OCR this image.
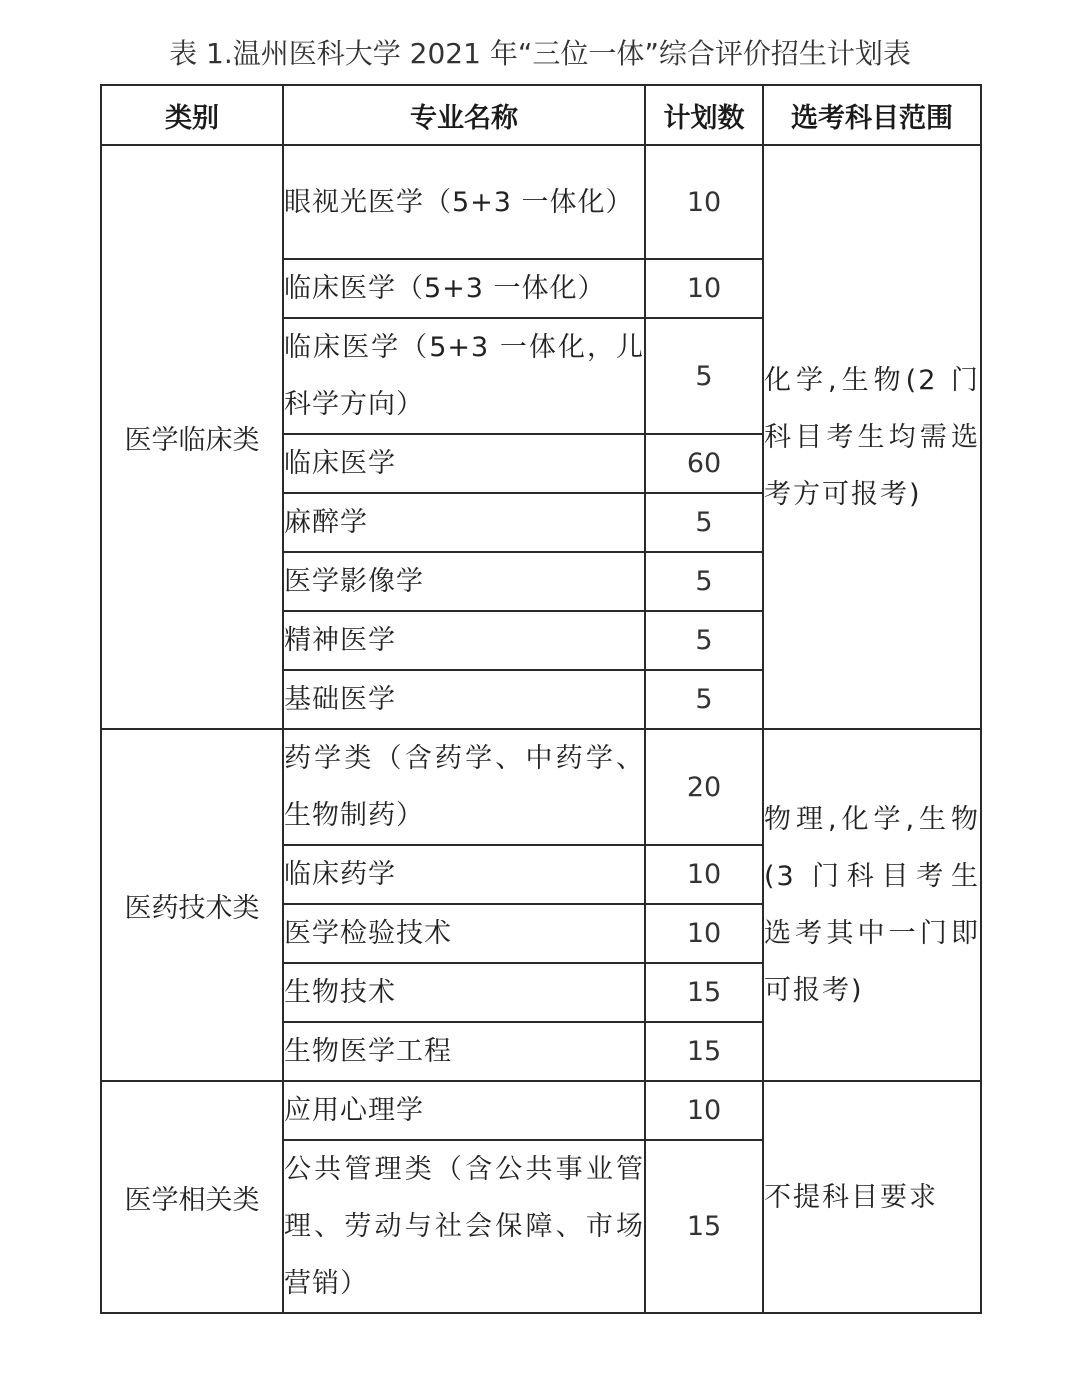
表 1.温州医科大学 2021 年“三位一体”综合评价招生计划表
类别	专业名称	计划数	选考科目范围
医学临床类	眼视光医学（5+3 一体化）	10	化学,生物(2 门科目考生均需选考方可报考)
	临床医学（5+3 一体化）	10	
	临床医学（5+3 一体化，儿科学方向）	5	
	临床医学	60	
	麻醉学	5	
	医学影像学	5	
	精神医学	5	
	基础医学	5	
医药技术类	药学类（含药学、中药学、生物制药）	20	物理,化学,生物(3 门科目考生选考其中一门即可报考)
	临床药学	10	
	医学检验技术	10	
	生物技术	15	
	生物医学工程	15	
医学相关类	应用心理学	10	不提科目要求
	公共管理类（含公共事业管理、劳动与社会保障、市场营销）	15	
